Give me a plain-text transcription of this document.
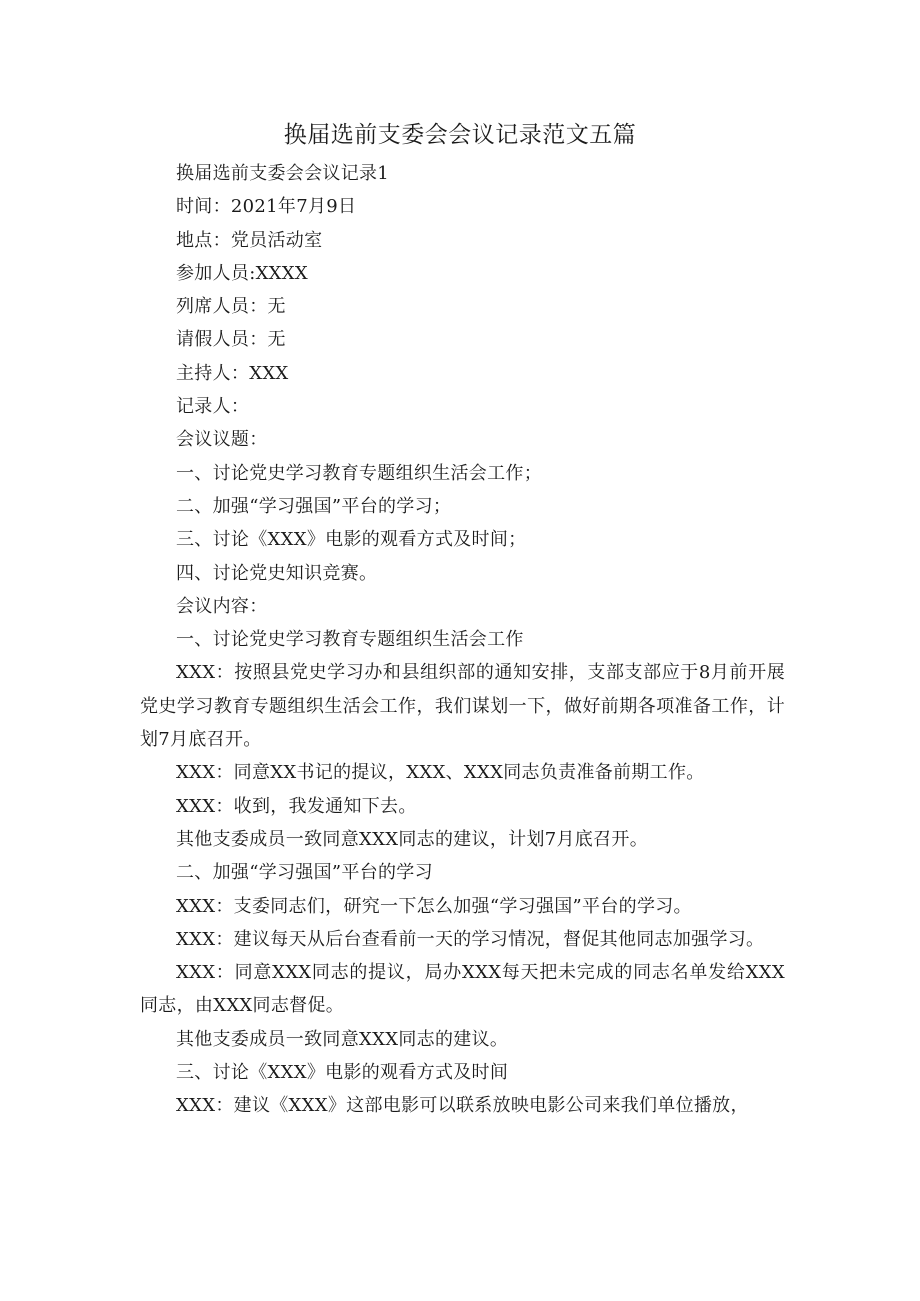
换届选前支委会会议记录范文五篇

换届选前支委会会议记录1

时间：2021年7月9日

地点：党员活动室

参加人员:XXXX

列席人员：无

请假人员：无

主持人：XXX

记录人：

会议议题：

一、讨论党史学习教育专题组织生活会工作；

二、加强“学习强国”平台的学习；

三、讨论《XXX》电影的观看方式及时间；

四、讨论党史知识竞赛。

会议内容：

一、讨论党史学习教育专题组织生活会工作

XXX：按照县党史学习办和县组织部的通知安排，支部支部应于8月前开展党史学习教育专题组织生活会工作，我们谋划一下，做好前期各项准备工作，计划7月底召开。

XXX：同意XX书记的提议，XXX、XXX同志负责准备前期工作。

XXX：收到，我发通知下去。

其他支委成员一致同意XXX同志的建议，计划7月底召开。

二、加强“学习强国”平台的学习

XXX：支委同志们，研究一下怎么加强“学习强国”平台的学习。

XXX：建议每天从后台查看前一天的学习情况，督促其他同志加强学习。

XXX：同意XXX同志的提议，局办XXX每天把未完成的同志名单发给XXX同志，由XXX同志督促。

其他支委成员一致同意XXX同志的建议。

三、讨论《XXX》电影的观看方式及时间

XXX：建议《XXX》这部电影可以联系放映电影公司来我们单位播放，
